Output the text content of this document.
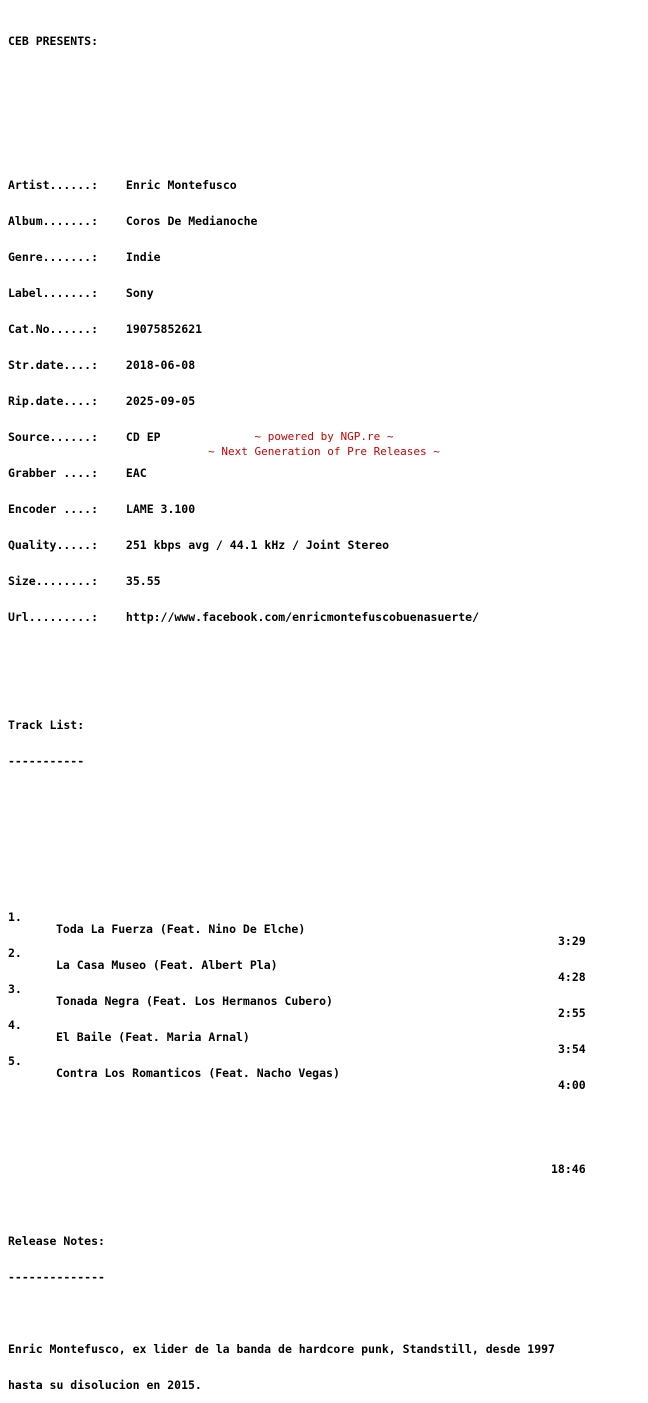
CEB PRESENTS:

Artist......:	Enric Montefusco

Album.......:	Coros De Medianoche

Genre.......:	Indie

Label.......:	Sony

Cat.No......:	19075852621

Str.date....:	2018-06-08

Rip.date....:	2025-09-05

Source......:	CD EP

Grabber ....:	EAC

Encoder ....:	LAME 3.100

Quality.....:	251 kbps avg / 44.1 kHz / Joint Stereo

Size........:	35.55

Url.........:	http://www.facebook.com/enricmontefuscobuenasuerte/

Track List:

-----------

1.

Toda La Fuerza (Feat. Nino De Elche)

3:29

2.

La Casa Museo (Feat. Albert Pla)

4:28

3.

Tonada Negra (Feat. Los Hermanos Cubero)

2:55

4.

El Baile (Feat. Maria Arnal)

3:54

5.

Contra Los Romanticos (Feat. Nacho Vegas)

4:00

18:46

Release Notes:

--------------

Enric Montefusco, ex lider de la banda de hardcore punk, Standstill, desde 1997

hasta su disolucion en 2015.

~ powered by NGP.re ~
~ Next Generation of Pre Releases ~
